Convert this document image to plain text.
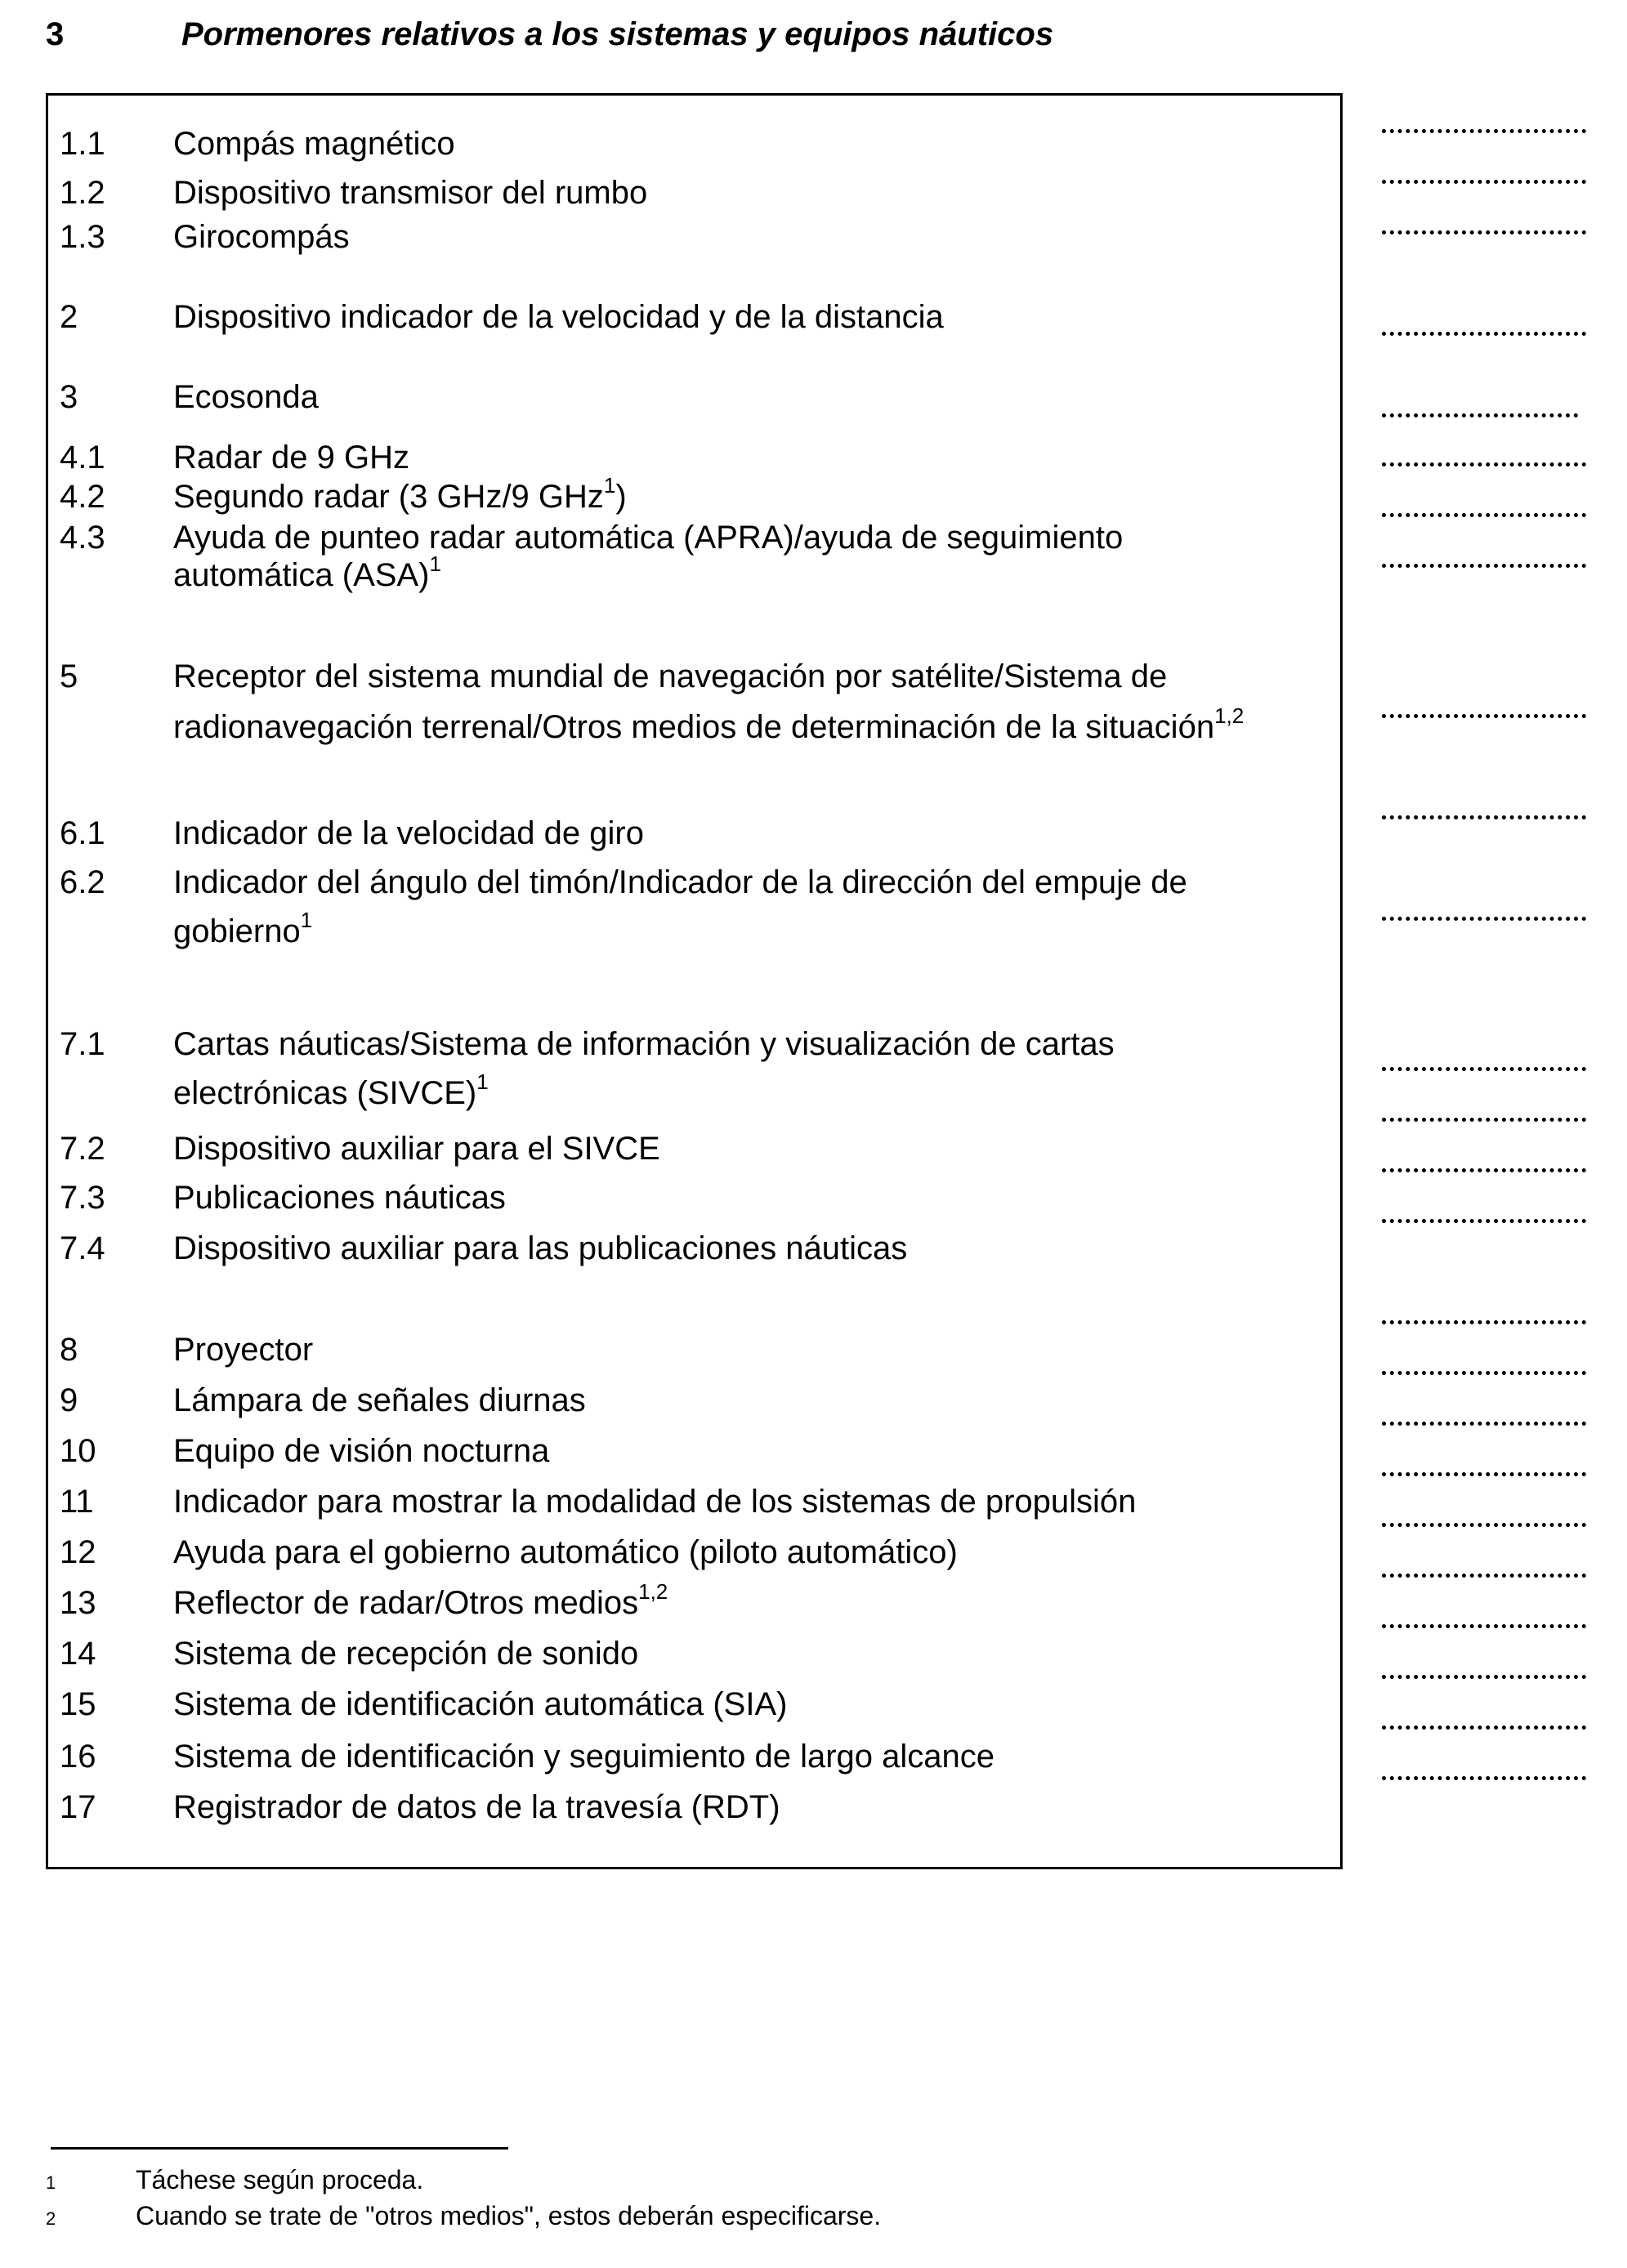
3	Pormenores relativos a los sistemas y equipos náuticos
1.1 Compás magnético
1.2 Dispositivo transmisor del rumbo
1.3 Girocompás
2	Dispositivo indicador de la velocidad y de la distancia
3	Ecosonda
4.1 Radar de 9 GHz
4.2 Segundo radar (3 GHz/9 GHz$^1$)
4.3 Ayuda de punteo radar automática (APRA)/ayuda de seguimiento
automática (ASA)$^1$
5	Receptor del sistema mundial de navegación por satélite/Sistema de
radionavegación terrenal/Otros medios de determinación de la situación$^{1,2}$
6.1 Indicador de la velocidad de giro
6.2 Indicador del ángulo del timón/Indicador de la dirección del empuje de
gobierno$^1$
7.1 Cartas náuticas/Sistema de información y visualización de cartas
electrónicas (SIVCE)$^1$
7.2 Dispositivo auxiliar para el SIVCE
7.3 Publicaciones náuticas
7.4 Dispositivo auxiliar para las publicaciones náuticas
8	Proyector
9	Lámpara de señales diurnas
10 Equipo de visión nocturna
11 Indicador para mostrar la modalidad de los sistemas de propulsión
12 Ayuda para el gobierno automático (piloto automático)
13 Reflector de radar/Otros medios$^{1,2}$
14 Sistema de recepción de sonido
15 Sistema de identificación automática (SIA)
16 Sistema de identificación y seguimiento de largo alcance
17 Registrador de datos de la travesía (RDT)
1	Táchese según proceda.
2	Cuando se trate de "otros medios", estos deberán especificarse.
